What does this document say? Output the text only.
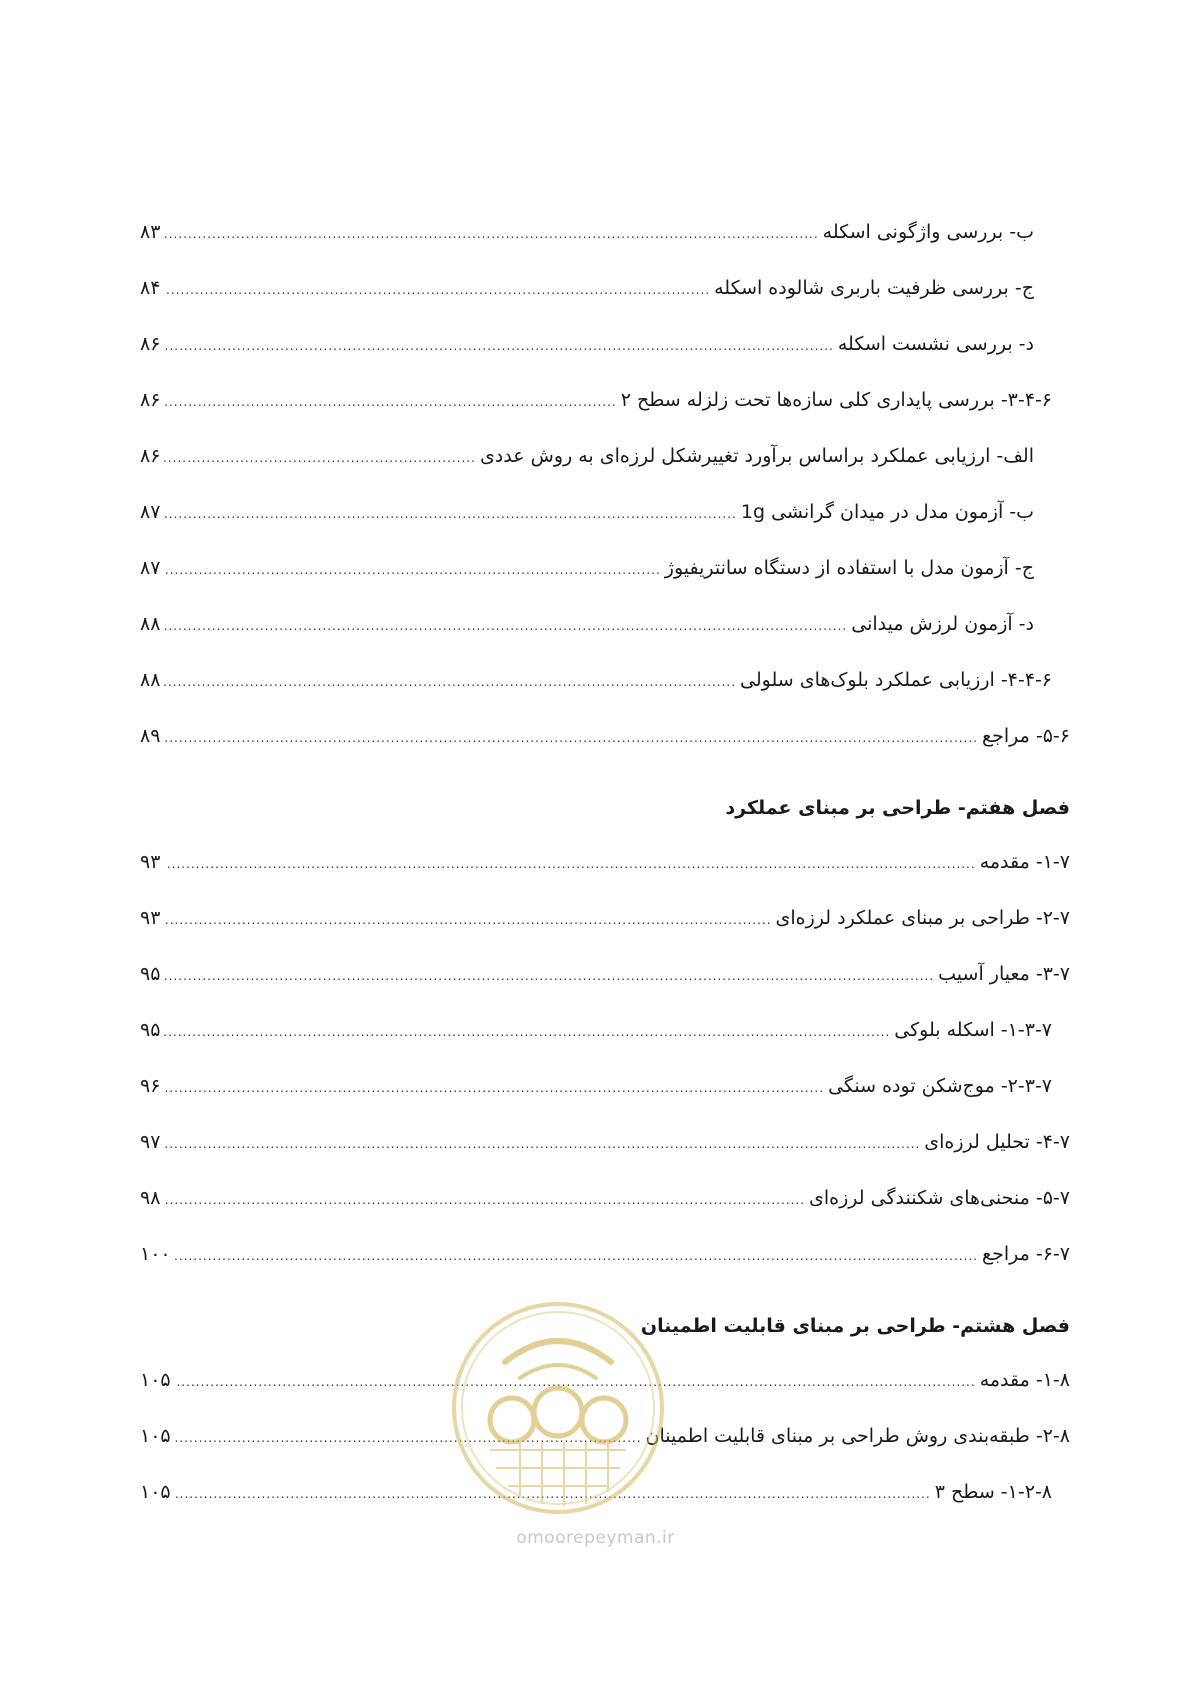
ب- بررسی واژگونی اسکله
.....
۸۳
ج- بررسی ظرفیت باربری شالوده اسکله
.....
۸۴
د- بررسی نشست اسکله
.....
۸۶
۳-۴-۶- بررسی پایداری کلی سازه‌ها تحت زلزله سطح ۲
.....
۸۶
الف- ارزیابی عملکرد براساس برآورد تغییرشکل لرزه‌ای به روش عددی
.....
۸۶
ب- آزمون مدل در میدان گرانشی 1g
.....
۸۷
ج- آزمون مدل با استفاده از دستگاه سانتریفیوژ
.....
۸۷
د- آزمون لرزش میدانی
.....
۸۸
۴-۴-۶- ارزیابی عملکرد بلوک‌های سلولی
.....
۸۸
۵-۶- مراجع
.....
۸۹
فصل هفتم- طراحی بر مبنای عملکرد
۱-۷- مقدمه
.....
۹۳
۲-۷- طراحی بر مبنای عملکرد لرزه‌ای
.....
۹۳
۳-۷- معیار آسیب
.....
۹۵
۱-۳-۷- اسکله بلوکی
.....
۹۵
۲-۳-۷- موج‌شکن توده سنگی
.....
۹۶
۴-۷- تحلیل لرزه‌ای
.....
۹۷
۵-۷- منحنی‌های شکنندگی لرزه‌ای
.....
۹۸
۶-۷- مراجع
.....
۱۰۰
فصل هشتم- طراحی بر مبنای قابلیت اطمینان
۱-۸- مقدمه
.....
۱۰۵
۲-۸- طبقه‌بندی روش طراحی بر مبنای قابلیت اطمینان
.....
۱۰۵
۱-۲-۸- سطح ۳
.....
۱۰۵
omoorepeyman.ir
